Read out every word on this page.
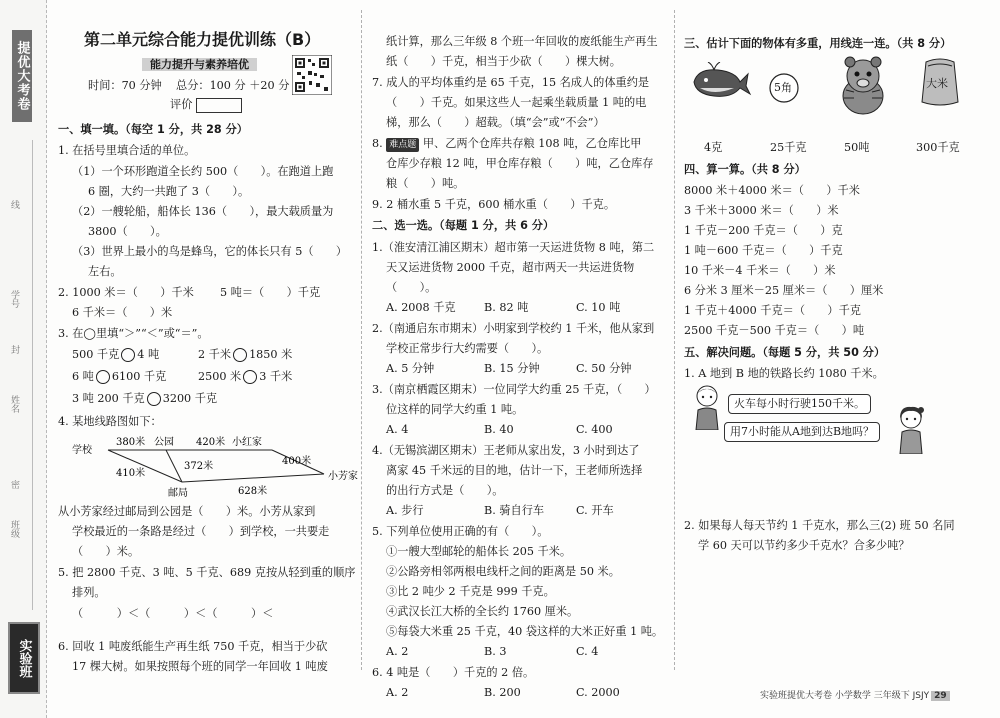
提优大考卷
线
学号
封
姓名
密
班级
实验班
第二单元综合能力提优训练（B）
能力提升与素养培优
时间：70 分钟 总分：100 分 ＋20 分
评价
一、填一填。（每空 1 分，共 28 分）
1. 在括号里填合适的单位。
（1）一个环形跑道全长约 500（　　）。在跑道上跑
6 圈，大约一共跑了 3（　　）。
（2）一艘轮船，船体长 136（　　），最大载质量为
3800（　　）。
（3）世界上最小的鸟是蜂鸟，它的体长只有 5（　　）
左右。
2. 1000 米＝（　　）千米 5 吨＝（　　）千克
6 千米＝（　　）米
3. 在◯里填“＞”“＜”或“＝”。
500 千克 4 吨	2 千米 1850 米
6 吨 6100 千克	2500 米 3 千米
3 吨 200 千克 3200 千克
4. 某地线路图如下：
学校
380米 公园 420米 小红家
372米	400米
小芳家
410米
邮局	628米
从小芳家经过邮局到公园是（　　）米。小芳从家到
学校最近的一条路是经过（　　）到学校，一共要走
（　　）米。
5. 把 2800 千克、3 吨、5 千克、689 克按从轻到重的顺序
排列。
（　　　）＜（　　　）＜（　　　）＜
6. 回收 1 吨废纸能生产再生纸 750 千克，相当于少砍
17 棵大树。如果按照每个班的同学一年回收 1 吨废
纸计算，那么三年级 8 个班一年回收的废纸能生产再生
纸（　　）千克，相当于少砍（　　）棵大树。
7. 成人的平均体重约是 65 千克，15 名成人的体重约是
（　　）千克。如果这些人一起乘坐载质量 1 吨的电
梯，那么（　　）超载。（填“会”或“不会”）
8. 难点题 甲、乙两个仓库共存粮 108 吨，乙仓库比甲
仓库少存粮 12 吨，甲仓库存粮（　　）吨，乙仓库存
粮（　　）吨。
9. 2 桶水重 5 千克，600 桶水重（　　）千克。
二、选一选。（每题 1 分，共 6 分）
1.（淮安清江浦区期末）超市第一天运进货物 8 吨，第二
天又运进货物 2000 千克，超市两天一共运进货物
（　　）。
A. 2008 千克	B. 82 吨	C. 10 吨
2.（南通启东市期末）小明家到学校约 1 千米，他从家到
学校正常步行大约需要（　　）。
A. 5 分钟	B. 15 分钟	C. 50 分钟
3.（南京栖霞区期末）一位同学大约重 25 千克，（　　）
位这样的同学大约重 1 吨。
A. 4	B. 40	C. 400
4.（无锡滨湖区期末）王老师从家出发，3 小时到达了
离家 45 千米远的目的地，估计一下，王老师所选择
的出行方式是（　　）。
A. 步行	B. 骑自行车	C. 开车
5. 下列单位使用正确的有（　　）。
①一艘大型邮轮的船体长 205 千米。
②公路旁相邻两根电线杆之间的距离是 50 米。
③比 2 吨少 2 千克是 999 千克。
④武汉长江大桥的全长约 1760 厘米。
⑤每袋大米重 25 千克，40 袋这样的大米正好重 1 吨。
A. 2	B. 3	C. 4
6. 4 吨是（　　）千克的 2 倍。
A. 2	B. 200	C. 2000
三、估计下面的物体有多重，用线连一连。（共 8 分）
5角	大米
4克	25千克	50吨	300千克
四、算一算。（共 8 分）
8000 米＋4000 米＝（　　）千米
3 千米＋3000 米＝（　　）米
1 千克－200 千克＝（　　）克
1 吨－600 千克＝（　　）千克
10 千米－4 千米＝（　　）米
6 分米 3 厘米－25 厘米＝（　　）厘米
1 千克＋4000 千克＝（　　）千克
2500 千克－500 千克＝（　　）吨
五、解决问题。（每题 5 分，共 50 分）
1. A 地到 B 地的铁路长约 1080 千米。
火车每小时行驶150千米。
用7小时能从A地到达B地吗？
2. 如果每人每天节约 1 千克水，那么三(2) 班 50 名同
学 60 天可以节约多少千克水？合多少吨？
实验班提优大考卷 小学数学 三年级下 JSJY 29
